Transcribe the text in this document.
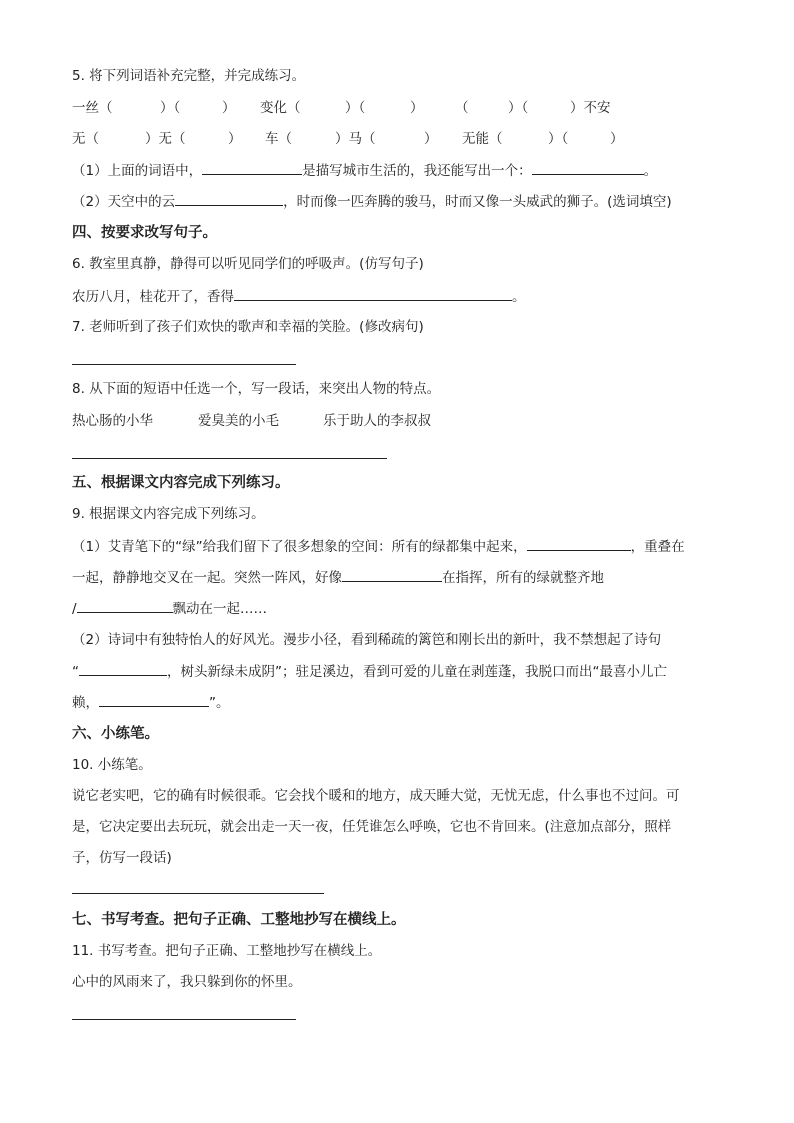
5. 将下列词语补充完整，并完成练习。
一丝（	）（	） 变化（	）（	） （	）（	）不安
无（	）无（	） 车（	）马（	） 无能（	）（	）
（1）上面的词语中，	是描写城市生活的，我还能写出一个：	。
（2）天空中的云	，时而像一匹奔腾的骏马，时而又像一头威武的狮子。(选词填空)
四、按要求改写句子。
6. 教室里真静，静得可以听见同学们的呼吸声。(仿写句子)
农历八月，桂花开了，香得	。
7. 老师听到了孩子们欢快的歌声和幸福的笑脸。(修改病句)
8. 从下面的短语中任选一个，写一段话，来突出人物的特点。
热心肠的小华	爱臭美的小毛	乐于助人的李叔叔
五、根据课文内容完成下列练习。
9. 根据课文内容完成下列练习。
（1）艾青笔下的“绿”给我们留下了很多想象的空间：所有的绿都集中起来，	，重叠在
一起，静静地交叉在一起。突然一阵风，好像	在指挥，所有的绿就整齐地
/	飘动在一起……
（2）诗词中有独特怡人的好风光。漫步小径，看到稀疏的篱笆和刚长出的新叶，我不禁想起了诗句
“	，树头新绿未成阴”；驻足溪边，看到可爱的儿童在剥莲蓬，我脱口而出“最喜小儿亡
赖，	”。
六、小练笔。
10. 小练笔。
说它老实吧，它的确有时候很乖。它会找个暖和的地方，成天睡大觉，无忧无虑，什么事也不过问。可
是，它决定要出去玩玩，就会出走一天一夜，任凭谁怎么呼唤，它也不肯回来。(注意加点部分，照样
子，仿写一段话)
七、书写考查。把句子正确、工整地抄写在横线上。
11. 书写考查。把句子正确、工整地抄写在横线上。
心中的风雨来了，我只躲到你的怀里。
